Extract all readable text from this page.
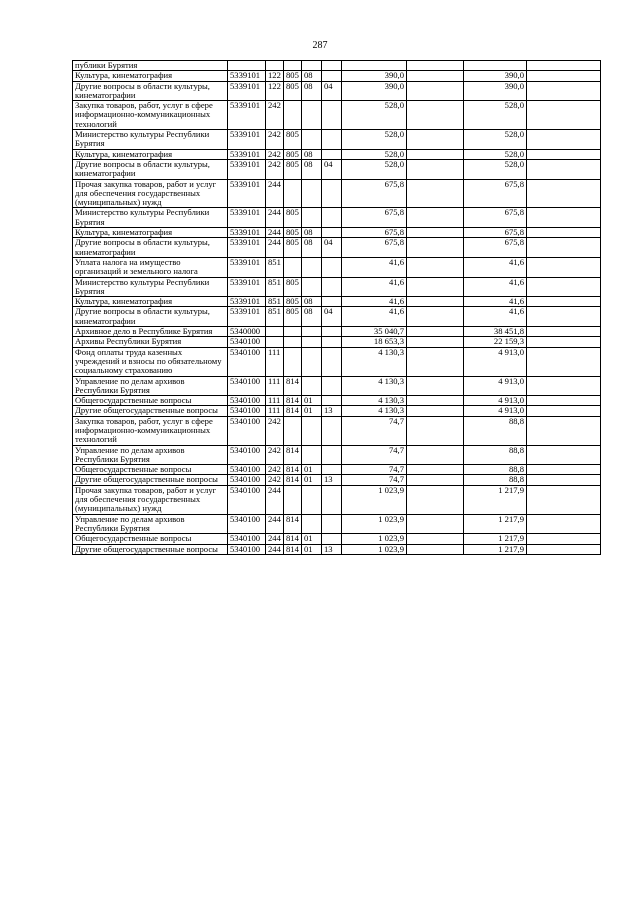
287
публики Бурятия									
Культура, кинематография	5339101	122	805	08		390,0		390,0	
Другие вопросы в области культуры, кинематографии	5339101	122	805	08	04	390,0		390,0	
Закупка товаров, работ, услуг в сфере информационно-коммуникационных технологий	5339101	242				528,0		528,0	
Министерство культуры Республики Бурятия	5339101	242	805			528,0		528,0	
Культура, кинематография	5339101	242	805	08		528,0		528,0	
Другие вопросы в области культуры, кинематографии	5339101	242	805	08	04	528,0		528,0	
Прочая закупка товаров, работ и услуг для обеспечения государственных (муниципальных) нужд	5339101	244				675,8		675,8	
Министерство культуры Республики Бурятия	5339101	244	805			675,8		675,8	
Культура, кинематография	5339101	244	805	08		675,8		675,8	
Другие вопросы в области культуры, кинематографии	5339101	244	805	08	04	675,8		675,8	
Уплата налога на имущество организаций и земельного налога	5339101	851				41,6		41,6	
Министерство культуры Республики Бурятия	5339101	851	805			41,6		41,6	
Культура, кинематография	5339101	851	805	08		41,6		41,6	
Другие вопросы в области культуры, кинематографии	5339101	851	805	08	04	41,6		41,6	
Архивное дело в Республике Бурятия	5340000					35 040,7		38 451,8	
Архивы Республики Бурятия	5340100					18 653,3		22 159,3	
Фонд оплаты труда казенных учреждений и взносы по обязательному социальному страхованию	5340100	111				4 130,3		4 913,0	
Управление по делам архивов Республики Бурятия	5340100	111	814			4 130,3		4 913,0	
Общегосударственные вопросы	5340100	111	814	01		4 130,3		4 913,0	
Другие общегосударственные вопросы	5340100	111	814	01	13	4 130,3		4 913,0	
Закупка товаров, работ, услуг в сфере информационно-коммуникационных технологий	5340100	242				74,7		88,8	
Управление по делам архивов Республики Бурятия	5340100	242	814			74,7		88,8	
Общегосударственные вопросы	5340100	242	814	01		74,7		88,8	
Другие общегосударственные вопросы	5340100	242	814	01	13	74,7		88,8	
Прочая закупка товаров, работ и услуг для обеспечения государственных (муниципальных) нужд	5340100	244				1 023,9		1 217,9	
Управление по делам архивов Республики Бурятия	5340100	244	814			1 023,9		1 217,9	
Общегосударственные вопросы	5340100	244	814	01		1 023,9		1 217,9	
Другие общегосударственные вопросы	5340100	244	814	01	13	1 023,9		1 217,9	
